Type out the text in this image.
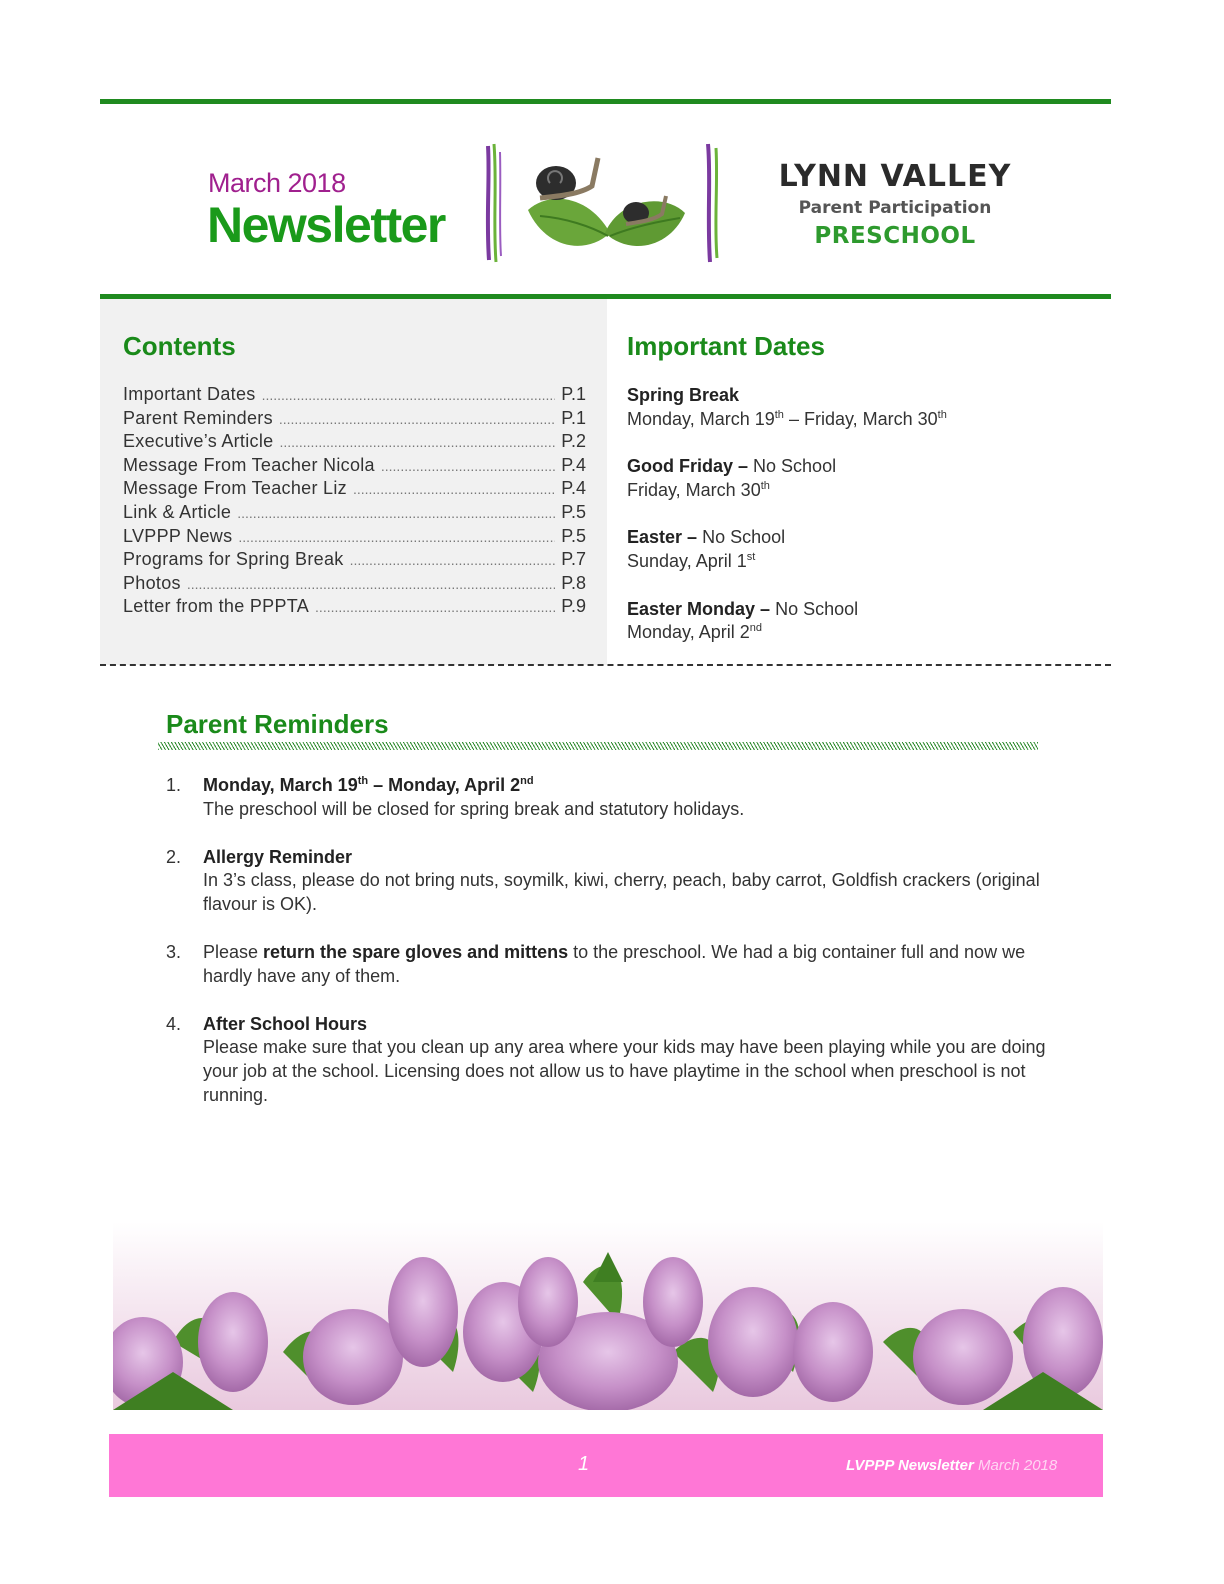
March 2018
Newsletter
LYNN VALLEY
Parent Participation
PRESCHOOL
Contents
Important Dates .....	P.1
Parent Reminders .....	P.1
Executive’s Article .....	P.2
Message From Teacher Nicola .....	P.4
Message From Teacher Liz .....	P.4
Link & Article .....	P.5
LVPPP News .....	P.5
Programs for Spring Break .....	P.7
Photos .....	P.8
Letter from the PPPTA .....	P.9
Important Dates
Spring Break
Monday, March 19th – Friday, March 30th
Good Friday – No School
Friday, March 30th
Easter – No School
Sunday, April 1st
Easter Monday – No School
Monday, April 2nd
Parent Reminders
1.	Monday, March 19th – Monday, April 2nd
The preschool will be closed for spring break and statutory holidays.
2.	Allergy Reminder
In 3’s class, please do not bring nuts, soymilk, kiwi, cherry, peach, baby carrot, Goldfish crackers (original flavour is OK).
3.	Please return the spare gloves and mittens to the preschool. We had a big container full and now we hardly have any of them.
4.	After School Hours
Please make sure that you clean up any area where your kids may have been playing while you are doing your job at the school. Licensing does not allow us to have playtime in the school when preschool is not running.
1	LVPPP Newsletter March 2018
